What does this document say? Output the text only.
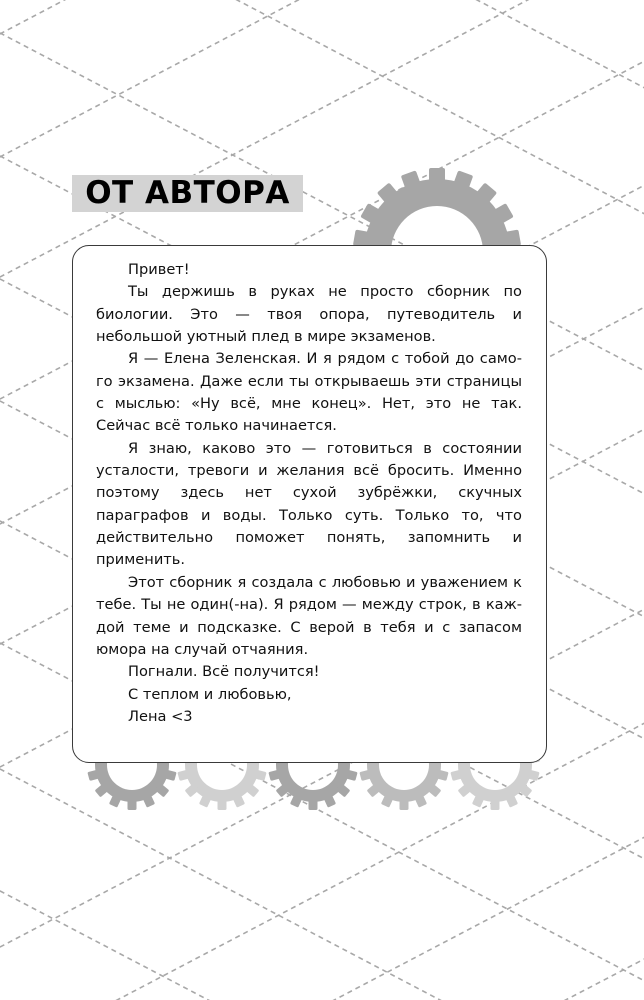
ОТ АВТОРА

Привет!

Ты держишь в руках не просто сборник по биологии. Это — твоя опора, путеводитель и небольшой уютный плед в мире экзаменов.

Я — Елена Зеленская. И я рядом с тобой до самого экзамена. Даже если ты открываешь эти страницы с мыслью: «Ну всё, мне конец». Нет, это не так. Сейчас всё только начинается.

Я знаю, каково это — готовиться в состоянии усталости, тревоги и желания всё бросить. Именно поэтому здесь нет сухой зубрёжки, скучных параграфов и воды. Только суть. Только то, что действительно поможет понять, запомнить и применить.

Этот сборник я создала с любовью и уважением к тебе. Ты не один(-на). Я рядом — между строк, в каждой теме и подсказке. С верой в тебя и с запасом юмора на случай отчаяния.

Погнали. Всё получится!

С теплом и любовью,

Лена <3
